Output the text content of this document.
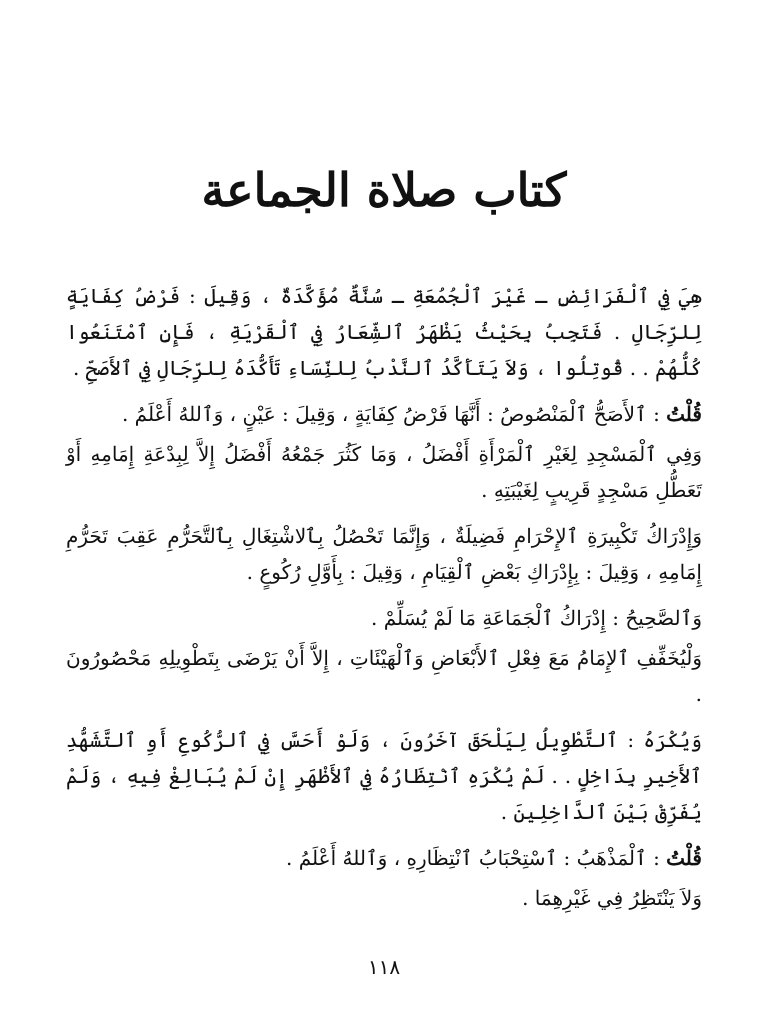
كتاب صلاة الجماعة

هِيَ فِي ٱلْفَرَائِضِ ـ غَيْرَ ٱلْجُمُعَةِ ـ سُنَّةٌ مُؤَكَّدَةٌ ، وَقِيلَ : فَرْضُ كِفَايَةٍ لِلرِّجَالِ . فَتَجِبُ بِحَيْثُ يَظْهَرُ ٱلشِّعَارُ فِي ٱلْقَرْيَةِ ، فَإِنِ ٱمْتَنَعُوا كُلُّهُمْ . . قُوتِلُوا ، وَلاَ يَتَأَكَّدُ ٱلنَّدْبُ لِلنِّسَاءِ تَأَكُّدَهُ لِلرِّجَالِ فِي ٱلأَصَحِّ .

قُلْتُ : ٱلأَصَحُّ ٱلْمَنْصُوصُ : أَنَّهَا فَرْضُ كِفَايَةٍ ، وَقِيلَ : عَيْنٍ ، وَٱللهُ أَعْلَمُ .

وَفِي ٱلْمَسْجِدِ لِغَيْرِ ٱلْمَرْأَةِ أَفْضَلُ ، وَمَا كَثُرَ جَمْعُهُ أَفْضَلُ إِلاَّ لِبِدْعَةِ إِمَامِهِ أَوْ تَعَطُّلِ مَسْجِدٍ قَرِيبٍ لِغَيْبَتِهِ .

وَإِدْرَاكُ تَكْبِيرَةِ ٱلإِحْرَامِ فَضِيلَةٌ ، وَإِنَّمَا تَحْصُلُ بِٱلاشْتِغَالِ بِٱلتَّحَرُّمِ عَقِبَ تَحَرُّمِ إِمَامِهِ ، وَقِيلَ : بِإِدْرَاكِ بَعْضِ ٱلْقِيَامِ ، وَقِيلَ : بِأَوَّلِ رُكُوعٍ .

وَٱلصَّحِيحُ : إِدْرَاكُ ٱلْجَمَاعَةِ مَا لَمْ يُسَلِّمْ .

وَلْيُخَفِّفِ ٱلإِمَامُ مَعَ فِعْلِ ٱلأَبْعَاضِ وَٱلْهَيْئَاتِ ، إِلاَّ أَنْ يَرْضَى بِتَطْوِيلِهِ مَحْصُورُونَ .

وَيُكْرَهُ : ٱلتَّطْوِيلُ لِيَلْحَقَ آخَرُونَ ، وَلَوْ أَحَسَّ فِي ٱلرُّكُوعِ أَوِ ٱلتَّشَهُّدِ ٱلأَخِيرِ بِدَاخِلٍ . . لَمْ يُكْرَهِ ٱنْتِظَارُهُ فِي ٱلأَظْهَرِ إِنْ لَمْ يُبَالِغْ فِيهِ ، وَلَمْ يُفَرِّقْ بَيْنَ ٱلدَّاخِلِينَ .

قُلْتُ : ٱلْمَذْهَبُ : ٱسْتِحْبَابُ ٱنْتِظَارِهِ ، وَٱللهُ أَعْلَمُ .

وَلاَ يَنْتَظِرُ فِي غَيْرِهِمَا .

١١٨
